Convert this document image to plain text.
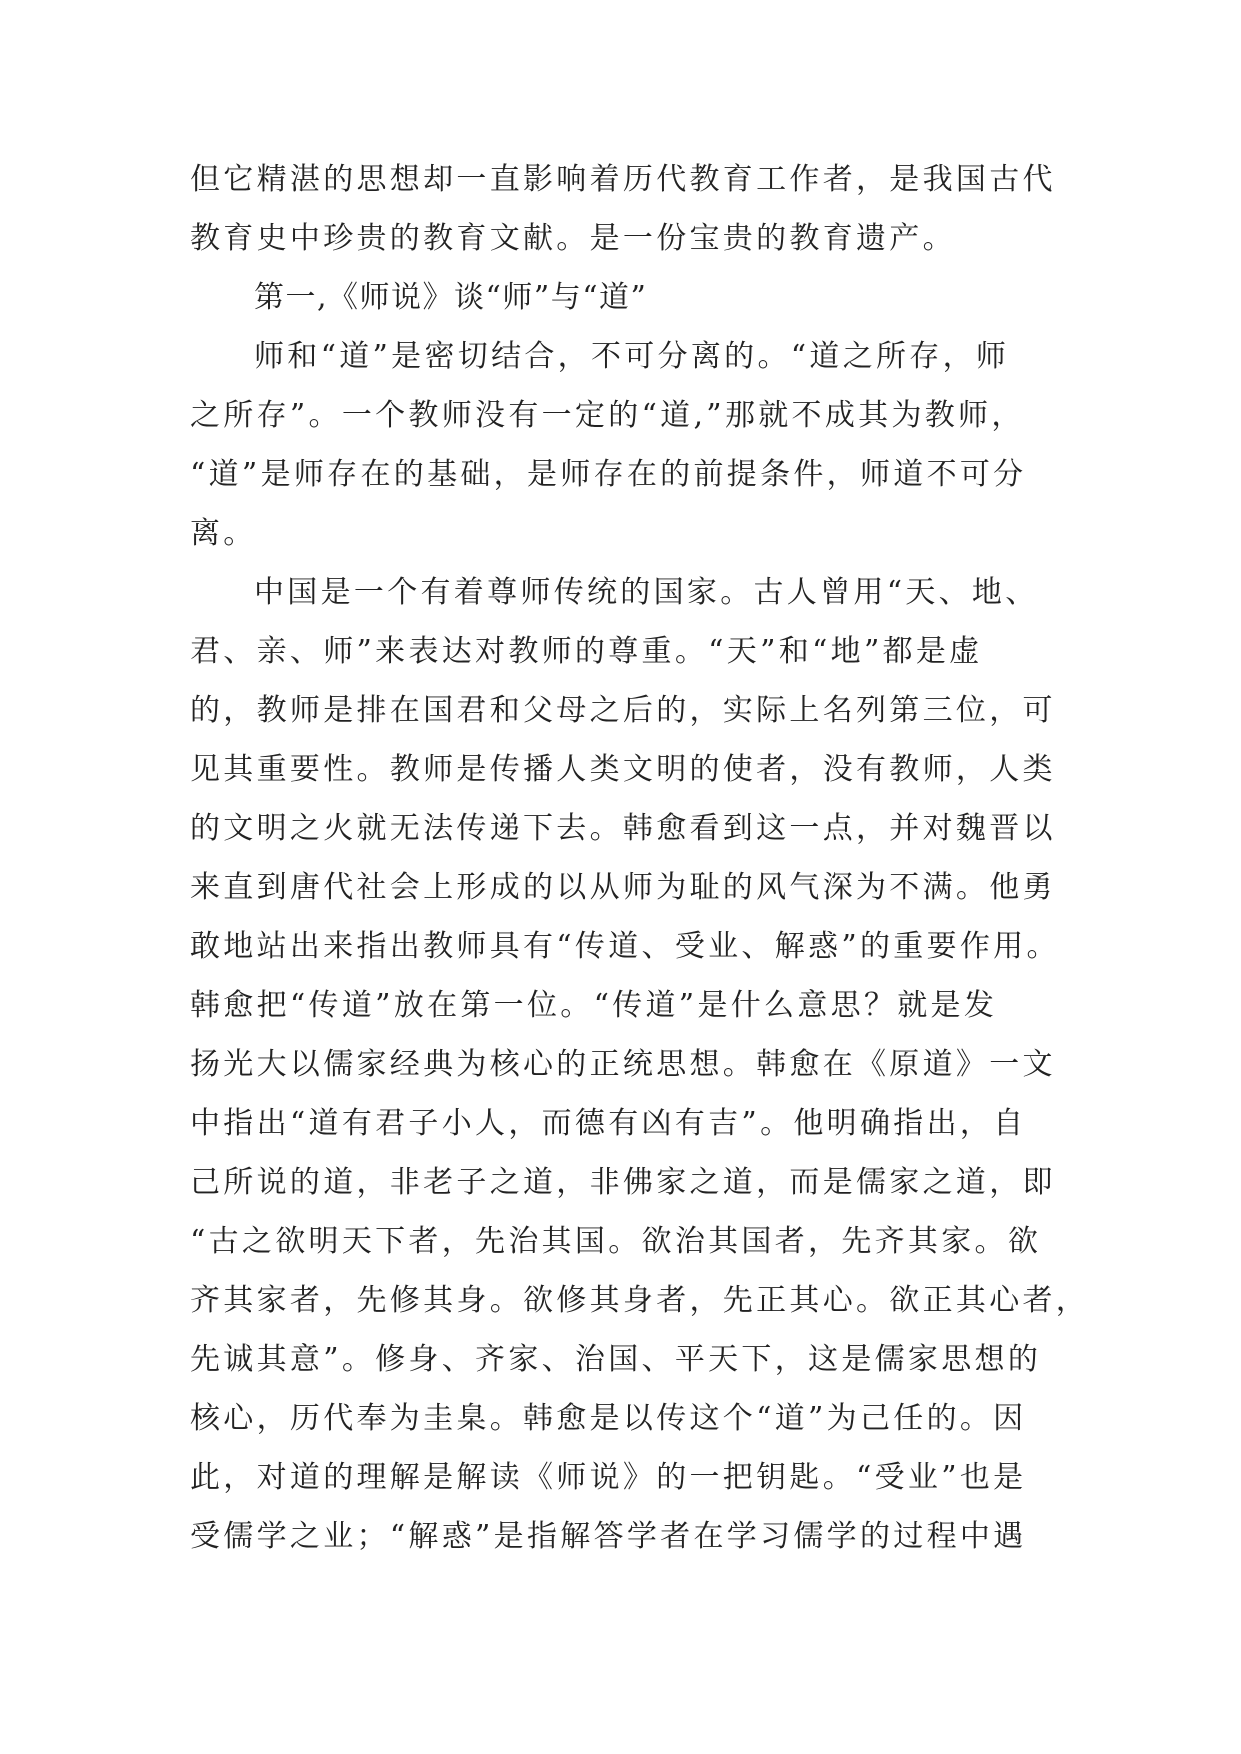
但它精湛的思想却一直影响着历代教育工作者，是我国古代
教育史中珍贵的教育文献。是一份宝贵的教育遗产。
第一,《师说》谈“师”与“道”
师和“道”是密切结合，不可分离的。“道之所存，师
之所存”。一个教师没有一定的“道,”那就不成其为教师，
“道”是师存在的基础，是师存在的前提条件，师道不可分
离。
中国是一个有着尊师传统的国家。古人曾用“天、地、
君、亲、师”来表达对教师的尊重。“天”和“地”都是虚
的，教师是排在国君和父母之后的，实际上名列第三位，可
见其重要性。教师是传播人类文明的使者，没有教师，人类
的文明之火就无法传递下去。韩愈看到这一点，并对魏晋以
来直到唐代社会上形成的以从师为耻的风气深为不满。他勇
敢地站出来指出教师具有“传道、受业、解惑”的重要作用。
韩愈把“传道”放在第一位。“传道”是什么意思？就是发
扬光大以儒家经典为核心的正统思想。韩愈在《原道》一文
中指出“道有君子小人，而德有凶有吉”。他明确指出，自
己所说的道，非老子之道，非佛家之道，而是儒家之道，即
“古之欲明天下者，先治其国。欲治其国者，先齐其家。欲
齐其家者，先修其身。欲修其身者，先正其心。欲正其心者，
先诚其意”。修身、齐家、治国、平天下，这是儒家思想的
核心，历代奉为圭臬。韩愈是以传这个“道”为己任的。因
此，对道的理解是解读《师说》的一把钥匙。“受业”也是
受儒学之业；“解惑”是指解答学者在学习儒学的过程中遇
